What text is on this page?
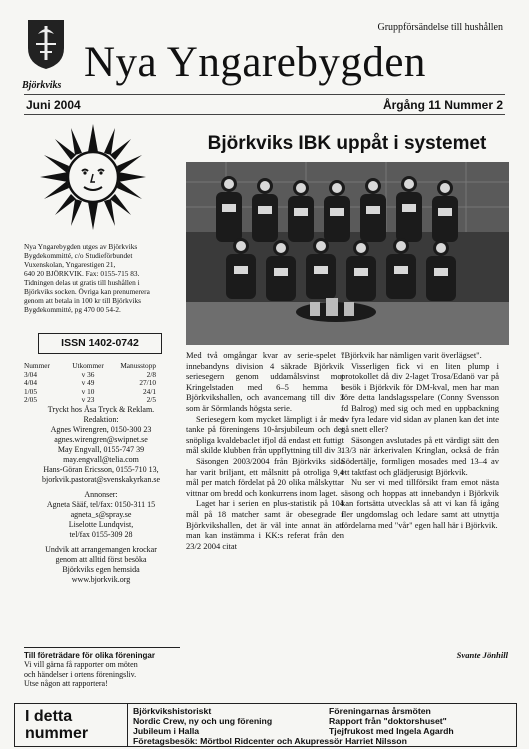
Björkviks
Gruppförsändelse till hushållen
Nya Yngarebygden
Juni 2004	Årgång 11 Nummer 2
Nya Yngarebygden utges av Björkviks
Bygdekommitté, c/o Studieförbundet
Vuxenskolan, Yngarestigen 21,
640 20 BJÖRKVIK. Fax: 0155-715 83.
Tidningen delas ut gratis till hushållen i
Björkviks socken. Övriga kan prenumerera
genom att betala in 100 kr till Björkviks
Bygdekommitté, pg 470 00 54-2.
ISSN 1402-0742
Nummer	Utkommer	Manusstopp
3/04	v 36	2/8
4/04	v 49	27/10
1/05	v 10	24/1
2/05	v 23	2/5
Tryckt hos Åsa Tryck & Reklam.
Redaktion:
Agnes Wirengren, 0150-300 23
agnes.wirengren@swipnet.se
May Engvall, 0155-747 39
may.engvall@telia.com
Hans-Göran Ericsson, 0155-710 13,
bjorkvik.pastorat@svenskakyrkan.se
Annonser:
Agneta Sääf, tel/fax: 0150-311 15
agneta_s@spray.se
Liselotte Lundqvist,
tel/fax 0155-309 28
Undvik att arrangemangen krockar
genom att alltid först besöka
Björkviks egen hemsida
www.bjorkvik.org
Till företrädare för olika föreningar
Vi vill gärna få rapporter om möten
och händelser i ortens föreningsliv.
Utse någon att rapportera!
Björkviks IBK uppåt i systemet

Med två omgångar kvar av serie-spelet i innebandyns division 4 säkrade Björkvik seriesegern genom uddamålsvinst mot Kringelstaden med 6–5 hemma i Björkvikshallen, och avancemang till div 3 som är Sörmlands högsta serie.

Seriesegern kom mycket lämpligt i år med tanke på föreningens 10-årsjubileum och det snöpliga kvaldebaclet ifjol då endast ett futtigt mål skilde klubben från uppflyttning till div 3.

Säsongen 2003/2004 från Björkviks sida har varit briljant, ett målsnitt på otroliga 9,4 mål per match fördelat på 20 olika målskyttar vittnar om bredd och konkurrens inom laget.

Laget har i serien en plus-statistik på 104 mål på 18 matcher samt är obesegrade i Björkvikshallen, det är väl inte annat än att man kan instämma i KK:s referat från den 23/2 2004 citat

"Björkvik har nämligen varit överlägset".

Visserligen fick vi en liten plump i protokollet då div 2-laget Trosa/Edanö var på besök i Björkvik för DM-kval, men har man före detta landslagsspelare (Conny Svensson fd Balrog) med sig och med en uppbackning av fyra ledare vid sidan av planen kan det inte gå snett eller?

Säsongen avslutades på ett värdigt sätt den 13/3 när ärkerivalen Kringlan, också de från Södertälje, formligen mosades med 13–4 av ett taktfast och glädjerusigt Björkvik.

Nu ser vi med tillförsikt fram emot nästa säsong och hoppas att innebandyn i Björkvik kan fortsätta utvecklas så att vi kan få igång fler ungdomslag och ledare samt att utnyttja fördelarna med "vår" egen hall här i Björkvik.

Svante Jönhill
I detta
nummer
Björkvikshistoriskt	Föreningarnas årsmöten
Nordic Crew, ny och ung förening	Rapport från "doktorshuset"
Jubileum i Halla	Tjejfrukost med Ingela Agardh
Företagsbesök: Mörtbol Ridcenter och Akupressör Harriet Nilsson
